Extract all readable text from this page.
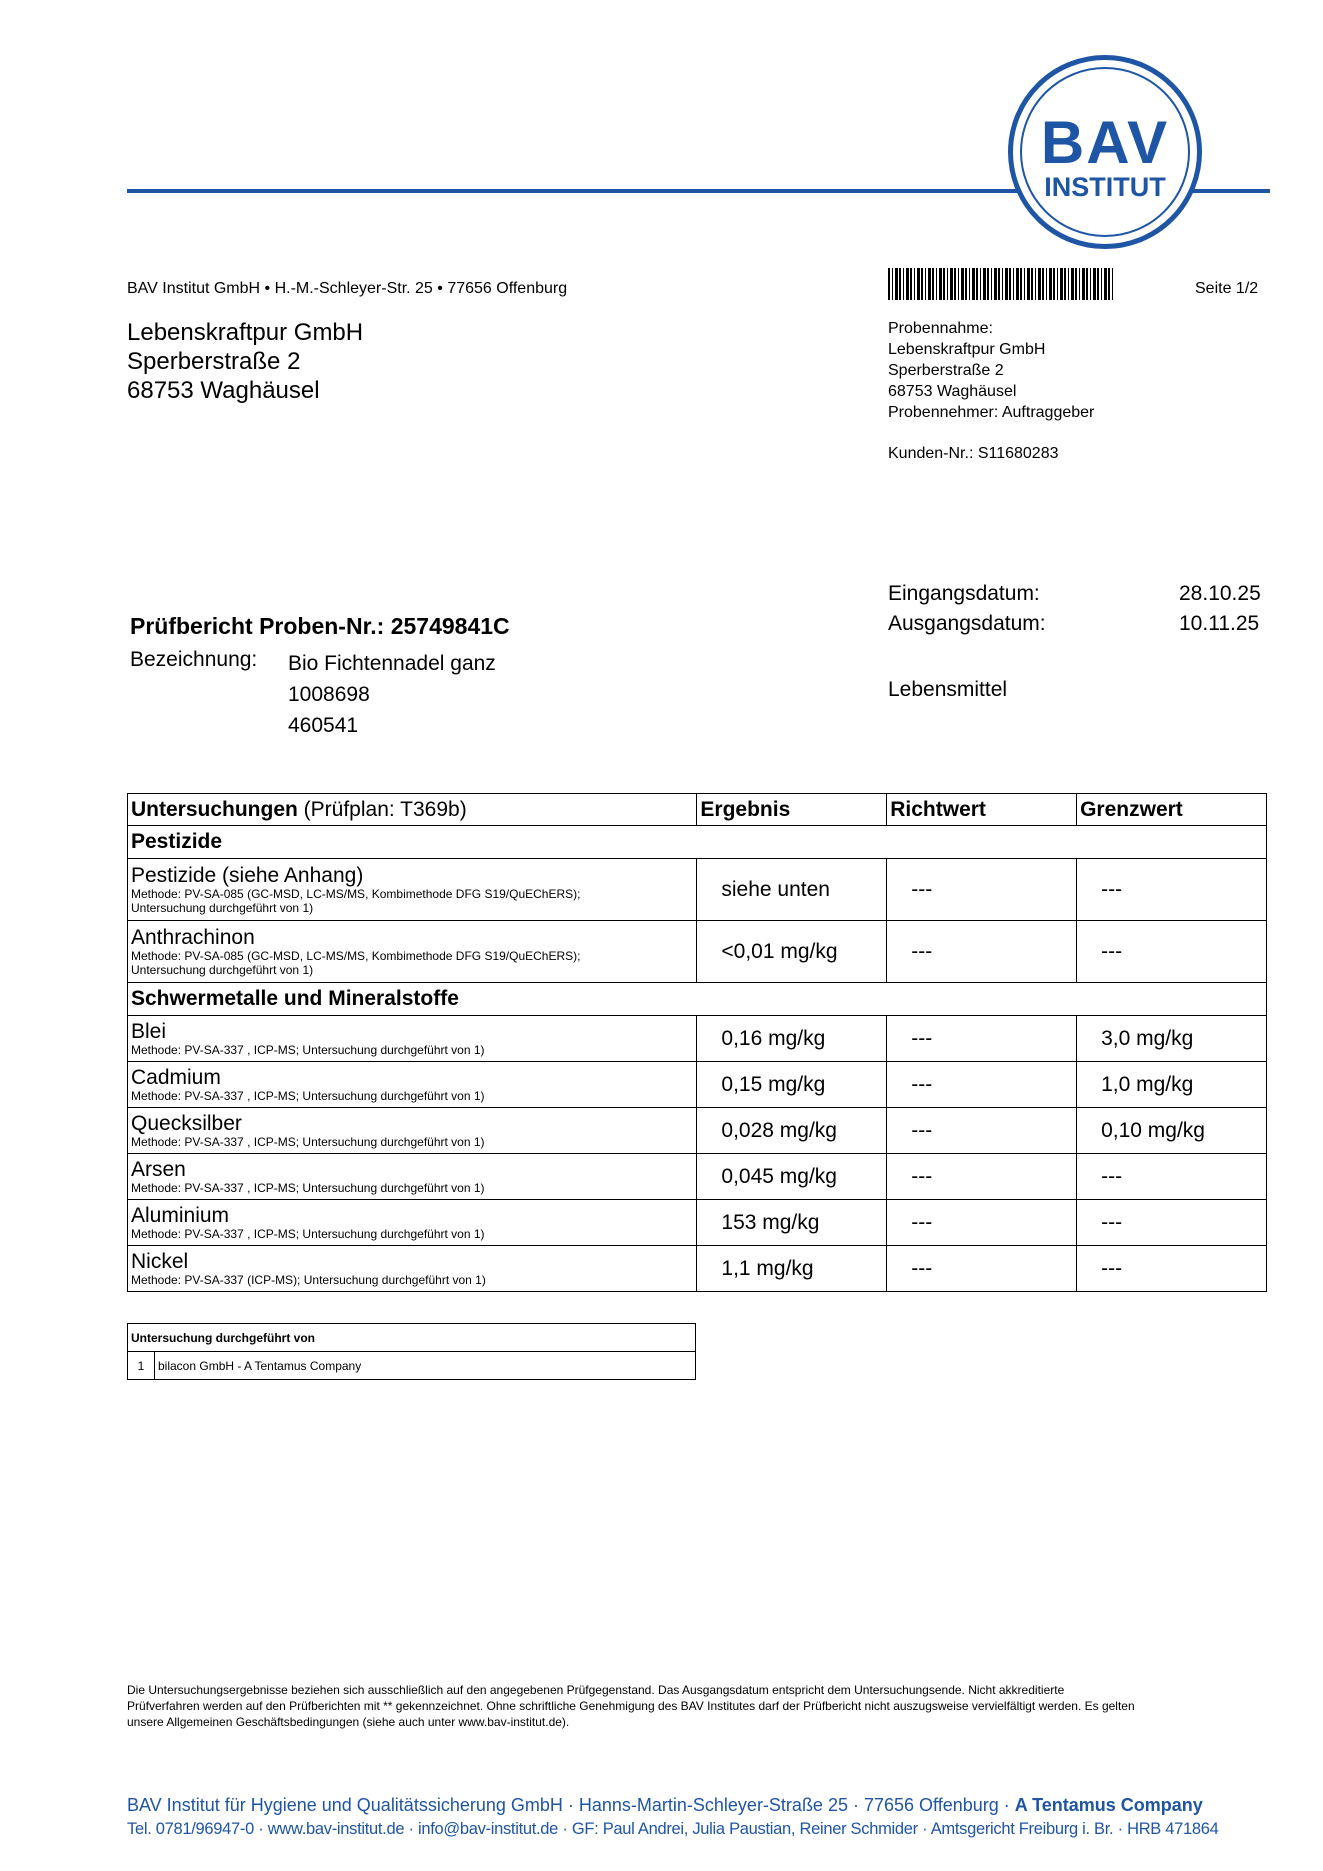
BAV
INSTITUT
BAV Institut GmbH • H.-M.-Schleyer-Str. 25 • 77656 Offenburg	Seite 1/2
Lebenskraftpur GmbH
Sperberstraße 2
68753 Waghäusel
Probennahme:
Lebenskraftpur GmbH
Sperberstraße 2
68753 Waghäusel
Probennehmer: Auftraggeber
Kunden-Nr.: S11680283
Prüfbericht Proben-Nr.: 25749841C
Bezeichnung: Bio Fichtennadel ganz
1008698
460541
Eingangsdatum:	28.10.25
Ausgangsdatum:	10.11.25
Lebensmittel
Untersuchungen (Prüfplan: T369b)	Ergebnis	Richtwert	Grenzwert
Pestizide			

Pestizide (siehe Anhang)
Methode: PV-SA-085 (GC-MSD, LC-MS/MS, Kombimethode DFG S19/QuEChERS);
Untersuchung durchgeführt von 1)	siehe unten	---	---

Anthrachinon
Methode: PV-SA-085 (GC-MSD, LC-MS/MS, Kombimethode DFG S19/QuEChERS);
Untersuchung durchgeführt von 1)	<0,01 mg/kg	---	---
Schwermetalle und Mineralstoffe			

Blei
Methode: PV-SA-337 , ICP-MS; Untersuchung durchgeführt von 1)	0,16 mg/kg	---	3,0 mg/kg

Cadmium
Methode: PV-SA-337 , ICP-MS; Untersuchung durchgeführt von 1)	0,15 mg/kg	---	1,0 mg/kg

Quecksilber
Methode: PV-SA-337 , ICP-MS; Untersuchung durchgeführt von 1)	0,028 mg/kg	---	0,10 mg/kg

Arsen
Methode: PV-SA-337 , ICP-MS; Untersuchung durchgeführt von 1)	0,045 mg/kg	---	---

Aluminium
Methode: PV-SA-337 , ICP-MS; Untersuchung durchgeführt von 1)	153 mg/kg	---	---

Nickel
Methode: PV-SA-337 (ICP-MS); Untersuchung durchgeführt von 1)	1,1 mg/kg	---	---
Untersuchung durchgeführt von
1	bilacon GmbH - A Tentamus Company
Die Untersuchungsergebnisse beziehen sich ausschließlich auf den angegebenen Prüfgegenstand. Das Ausgangsdatum entspricht dem Untersuchungsende. Nicht akkreditierte
Prüfverfahren werden auf den Prüfberichten mit ** gekennzeichnet. Ohne schriftliche Genehmigung des BAV Institutes darf der Prüfbericht nicht auszugsweise vervielfältigt werden. Es gelten
unsere Allgemeinen Geschäftsbedingungen (siehe auch unter www.bav-institut.de).
BAV Institut für Hygiene und Qualitätssicherung GmbH · Hanns-Martin-Schleyer-Straße 25 · 77656 Offenburg · A Tentamus Company
Tel. 0781/96947-0 · www.bav-institut.de · info@bav-institut.de · GF: Paul Andrei, Julia Paustian, Reiner Schmider · Amtsgericht Freiburg i. Br. · HRB 471864
